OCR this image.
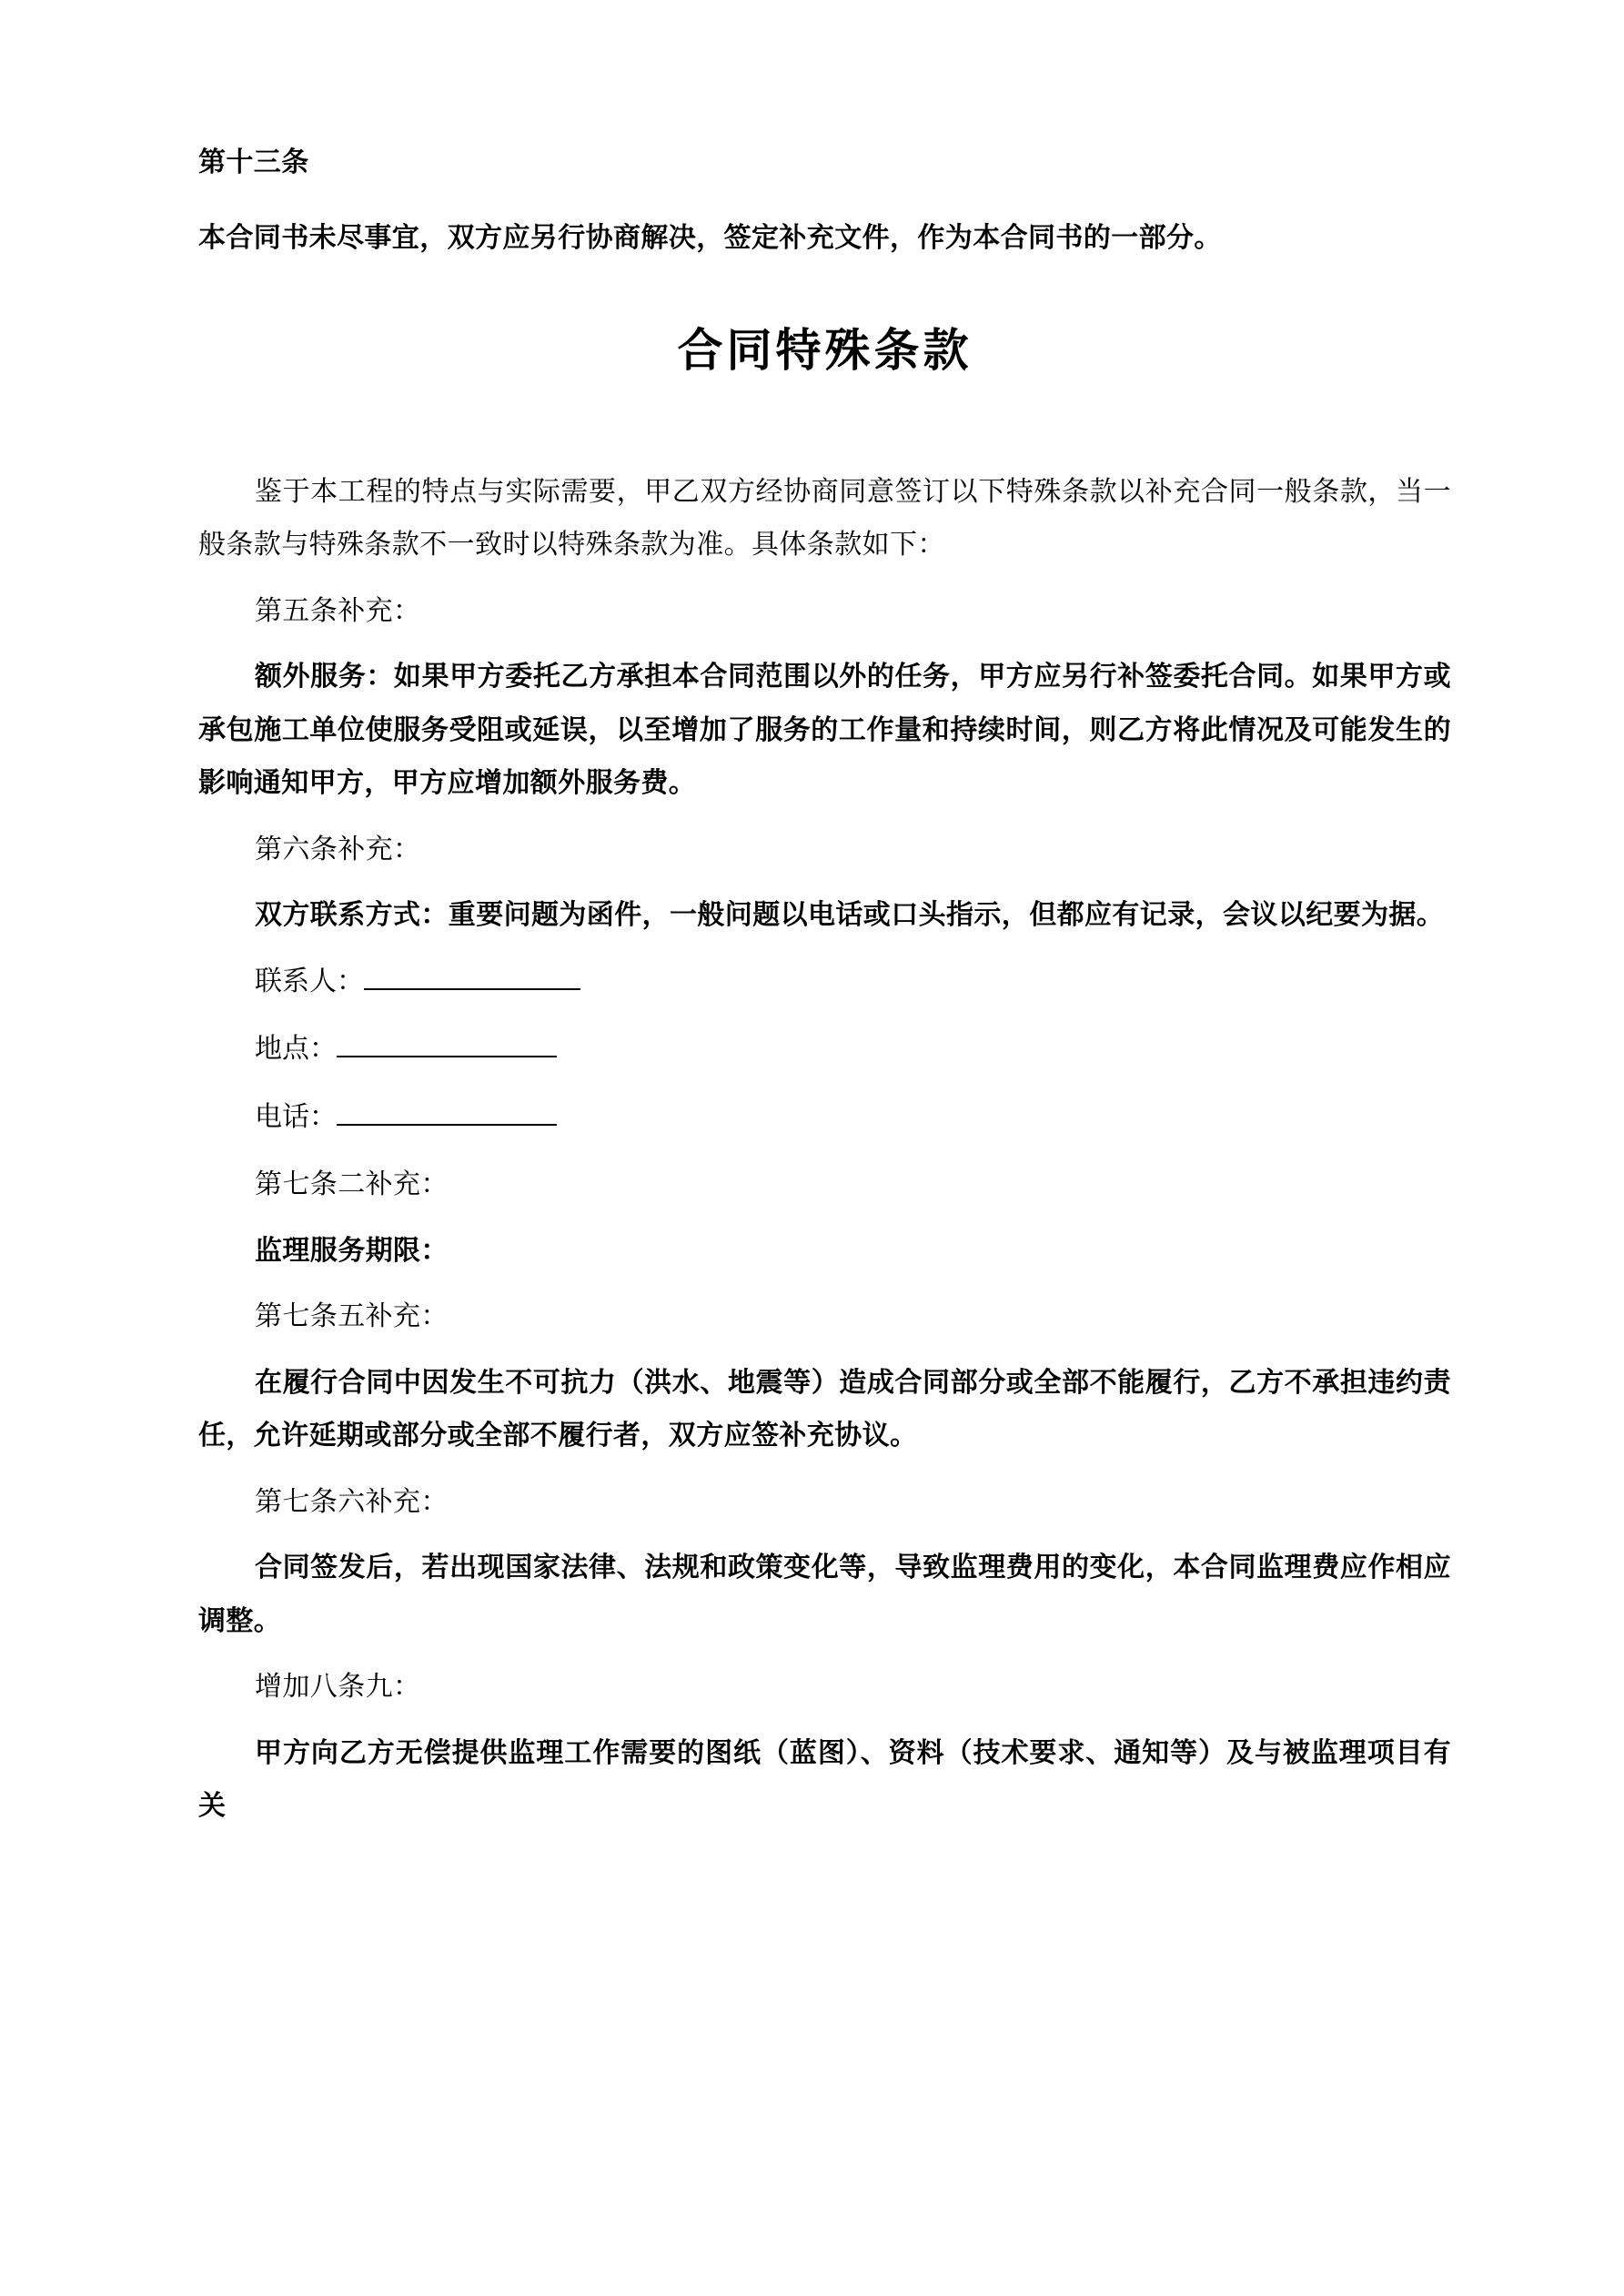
第十三条

本合同书未尽事宜，双方应另行协商解决，签定补充文件，作为本合同书的一部分。

合同特殊条款

鉴于本工程的特点与实际需要，甲乙双方经协商同意签订以下特殊条款以补充合同一般条款，当一般条款与特殊条款不一致时以特殊条款为准。具体条款如下：

第五条补充：

额外服务：如果甲方委托乙方承担本合同范围以外的任务，甲方应另行补签委托合同。如果甲方或承包施工单位使服务受阻或延误，以至增加了服务的工作量和持续时间，则乙方将此情况及可能发生的影响通知甲方，甲方应增加额外服务费。

第六条补充：

双方联系方式：重要问题为函件，一般问题以电话或口头指示，但都应有记录，会议以纪要为据。

联系人：

地点：

电话：

第七条二补充：

监理服务期限：

第七条五补充：

在履行合同中因发生不可抗力（洪水、地震等）造成合同部分或全部不能履行，乙方不承担违约责任，允许延期或部分或全部不履行者，双方应签补充协议。

第七条六补充：

合同签发后，若出现国家法律、法规和政策变化等，导致监理费用的变化，本合同监理费应作相应调整。

增加八条九：

甲方向乙方无偿提供监理工作需要的图纸（蓝图）、资料（技术要求、通知等）及与被监理项目有关
